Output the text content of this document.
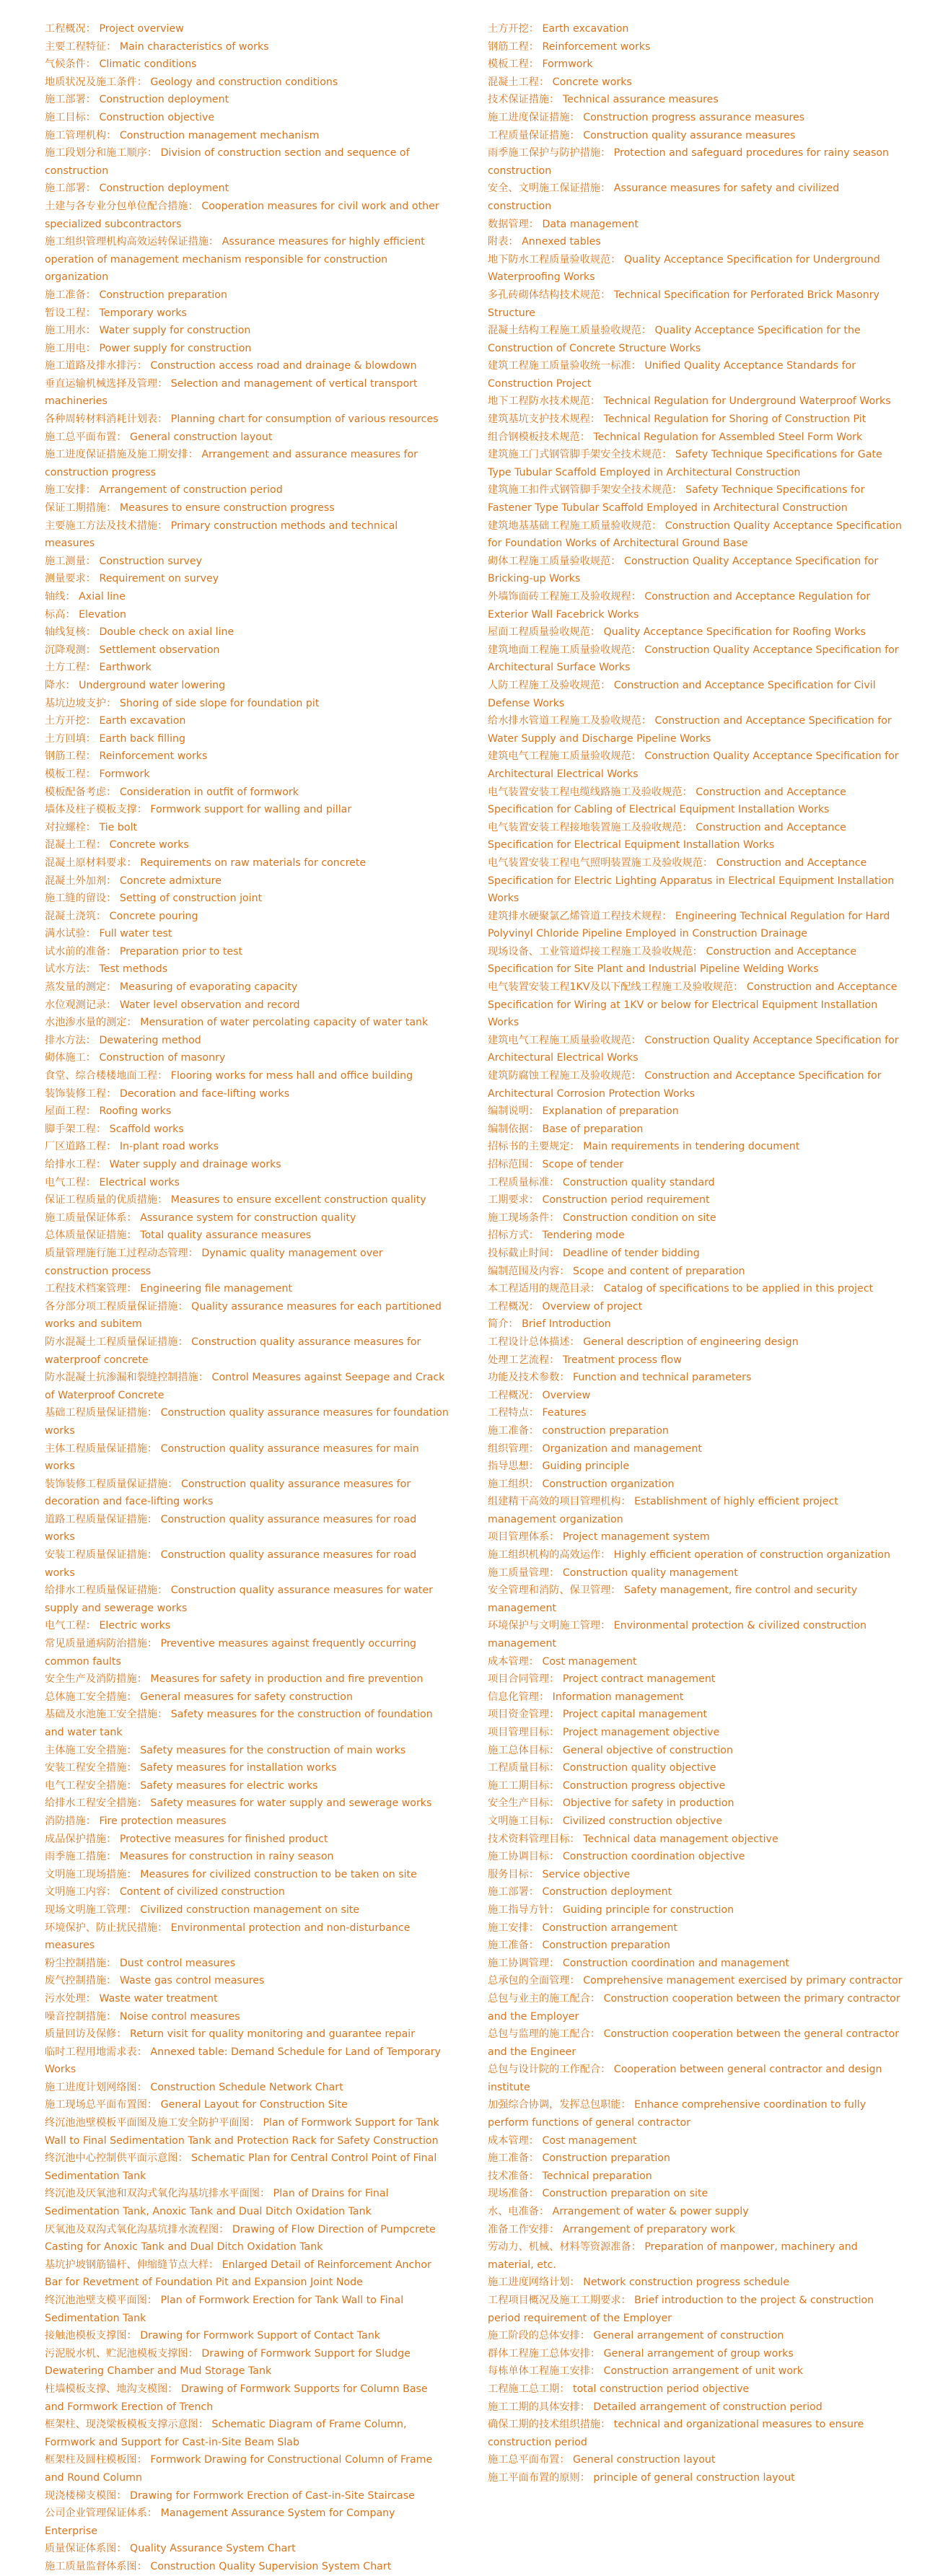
工程概况： Project overview

主要工程特征： Main characteristics of works

气候条件： Climatic conditions

地质状况及施工条件： Geology and construction conditions

施工部署： Construction deployment

施工目标： Construction objective

施工管理机构： Construction management mechanism

施工段划分和施工顺序： Division of construction section and sequence of construction

施工部署： Construction deployment

土建与各专业分包单位配合措施： Cooperation measures for civil work and other specialized subcontractors

施工组织管理机构高效运转保证措施： Assurance measures for highly efficient operation of management mechanism responsible for construction organization

施工准备： Construction preparation

暂设工程： Temporary works

施工用水： Water supply for construction

施工用电： Power supply for construction

施工道路及排水排污： Construction access road and drainage & blowdown

垂直运输机械选择及管理： Selection and management of vertical transport machineries

各种周转材料消耗计划表： Planning chart for consumption of various resources

施工总平面布置： General construction layout

施工进度保证措施及施工期安排： Arrangement and assurance measures for construction progress

施工安排： Arrangement of construction period

保证工期措施： Measures to ensure construction progress

主要施工方法及技术措施： Primary construction methods and technical measures

施工测量： Construction survey

测量要求： Requirement on survey

轴线： Axial line

标高： Elevation

轴线复核： Double check on axial line

沉降观测： Settlement observation

土方工程： Earthwork

降水： Underground water lowering

基坑边坡支护： Shoring of side slope for foundation pit

土方开挖： Earth excavation

土方回填： Earth back filling

钢筋工程： Reinforcement works

模板工程： Formwork

模板配备考虑： Consideration in outfit of formwork

墙体及柱子模板支撑： Formwork support for walling and pillar

对拉螺栓： Tie bolt

混凝土工程： Concrete works

混凝土原材料要求： Requirements on raw materials for concrete

混凝土外加剂： Concrete admixture

施工缝的留设： Setting of construction joint

混凝土浇筑： Concrete pouring

满水试验： Full water test

试水前的准备： Preparation prior to test

试水方法： Test methods

蒸发量的测定： Measuring of evaporating capacity

水位观测记录： Water level observation and record

水池渗水量的测定： Mensuration of water percolating capacity of water tank

排水方法： Dewatering method

砌体施工： Construction of masonry

食堂、综合楼楼地面工程： Flooring works for mess hall and office building

装饰装修工程： Decoration and face-lifting works

屋面工程： Roofing works

脚手架工程： Scaffold works

厂区道路工程： In-plant road works

给排水工程： Water supply and drainage works

电气工程： Electrical works

保证工程质量的优质措施： Measures to ensure excellent construction quality

施工质量保证体系： Assurance system for construction quality

总体质量保证措施： Total quality assurance measures

质量管理施行施工过程动态管理： Dynamic quality management over construction process

工程技术档案管理： Engineering file management

各分部分项工程质量保证措施： Quality assurance measures for each partitioned works and subitem

防水混凝土工程质量保证措施： Construction quality assurance measures for waterproof concrete

防水混凝土抗渗漏和裂缝控制措施： Control Measures against Seepage and Crack of Waterproof Concrete

基础工程质量保证措施： Construction quality assurance measures for foundation works

主体工程质量保证措施： Construction quality assurance measures for main works

装饰装修工程质量保证措施： Construction quality assurance measures for decoration and face-lifting works

道路工程质量保证措施： Construction quality assurance measures for road works

安装工程质量保证措施： Construction quality assurance measures for road works

给排水工程质量保证措施： Construction quality assurance measures for water supply and sewerage works

电气工程： Electric works

常见质量通病防治措施： Preventive measures against frequently occurring common faults

安全生产及消防措施： Measures for safety in production and fire prevention

总体施工安全措施： General measures for safety construction

基础及水池施工安全措施： Safety measures for the construction of foundation and water tank

主体施工安全措施： Safety measures for the construction of main works

安装工程安全措施： Safety measures for installation works

电气工程安全措施： Safety measures for electric works

给排水工程安全措施： Safety measures for water supply and sewerage works

消防措施： Fire protection measures

成品保护措施： Protective measures for finished product

雨季施工措施： Measures for construction in rainy season

文明施工现场措施： Measures for civilized construction to be taken on site

文明施工内容： Content of civilized construction

现场文明施工管理： Civilized construction management on site

环境保护、防止扰民措施： Environmental protection and non-disturbance measures

粉尘控制措施： Dust control measures

废气控制措施： Waste gas control measures

污水处理： Waste water treatment

噪音控制措施： Noise control measures

质量回访及保修： Return visit for quality monitoring and guarantee repair

临时工程用地需求表： Annexed table: Demand Schedule for Land of Temporary Works

施工进度计划网络图： Construction Schedule Network Chart

施工现场总平面布置图： General Layout for Construction Site

终沉池池壁模板平面图及施工安全防护平面图： Plan of Formwork Support for Tank Wall to Final Sedimentation Tank and Protection Rack for Safety Construction

终沉池中心控制供平面示意图： Schematic Plan for Central Control Point of Final Sedimentation Tank

终沉池及厌氧池和双沟式氧化沟基坑排水平面图： Plan of Drains for Final Sedimentation Tank, Anoxic Tank and Dual Ditch Oxidation Tank

厌氧池及双沟式氧化沟基坑排水流程图： Drawing of Flow Direction of Pumpcrete Casting for Anoxic Tank and Dual Ditch Oxidation Tank

基坑护坡钢筋锚杆、伸缩缝节点大样： Enlarged Detail of Reinforcement Anchor Bar for Revetment of Foundation Pit and Expansion Joint Node

终沉池池壁支模平面图： Plan of Formwork Erection for Tank Wall to Final Sedimentation Tank

接触池模板支撑图： Drawing for Formwork Support of Contact Tank

污泥脱水机、贮泥池模板支撑图： Drawing of Formwork Support for Sludge Dewatering Chamber and Mud Storage Tank

柱墙模板支撑、地沟支模图： Drawing of Formwork Supports for Column Base and Formwork Erection of Trench

框架柱、现浇梁板模板支撑示意图： Schematic Diagram of Frame Column, Formwork and Support for Cast-in-Site Beam Slab

框架柱及圆柱模板图： Formwork Drawing for Constructional Column of Frame and Round Column

现浇楼梯支模图： Drawing for Formwork Erection of Cast-in-Site Staircase

公司企业管理保证体系： Management Assurance System for Company Enterprise

质量保证体系图： Quality Assurance System Chart

施工质量监督体系图： Construction Quality Supervision System Chart

土方开挖： Earth excavation

钢筋工程： Reinforcement works

模板工程： Formwork

混凝土工程： Concrete works

技术保证措施： Technical assurance measures

施工进度保证措施： Construction progress assurance measures

工程质量保证措施： Construction quality assurance measures

雨季施工保护与防护措施： Protection and safeguard procedures for rainy season construction

安全、文明施工保证措施： Assurance measures for safety and civilized construction

数据管理： Data management

附表： Annexed tables

地下防水工程质量验收规范： Quality Acceptance Specification for Underground Waterproofing Works

多孔砖砌体结构技术规范： Technical Specification for Perforated Brick Masonry Structure

混凝土结构工程施工质量验收规范： Quality Acceptance Specification for the Construction of Concrete Structure Works

建筑工程施工质量验收统一标准： Unified Quality Acceptance Standards for Construction Project

地下工程防水技术规范： Technical Regulation for Underground Waterproof Works

建筑基坑支护技术规程： Technical Regulation for Shoring of Construction Pit

组合钢模板技术规范： Technical Regulation for Assembled Steel Form Work

建筑施工门式钢管脚手架安全技术规范： Safety Technique Specifications for Gate Type Tubular Scaffold Employed in Architectural Construction

建筑施工扣件式钢管脚手架安全技术规范： Safety Technique Specifications for Fastener Type Tubular Scaffold Employed in Architectural Construction

建筑地基基础工程施工质量验收规范： Construction Quality Acceptance Specification for Foundation Works of Architectural Ground Base

砌体工程施工质量验收规范： Construction Quality Acceptance Specification for Bricking-up Works

外墙饰面砖工程施工及验收规程： Construction and Acceptance Regulation for Exterior Wall Facebrick Works

屋面工程质量验收规范： Quality Acceptance Specification for Roofing Works

建筑地面工程施工质量验收规范： Construction Quality Acceptance Specification for Architectural Surface Works

人防工程施工及验收规范： Construction and Acceptance Specification for Civil Defense Works

给水排水管道工程施工及验收规范： Construction and Acceptance Specification for Water Supply and Discharge Pipeline Works

建筑电气工程施工质量验收规范： Construction Quality Acceptance Specification for Architectural Electrical Works

电气装置安装工程电缆线路施工及验收规范： Construction and Acceptance Specification for Cabling of Electrical Equipment Installation Works

电气装置安装工程接地装置施工及验收规范： Construction and Acceptance Specification for Electrical Equipment Installation Works

电气装置安装工程电气照明装置施工及验收规范： Construction and Acceptance Specification for Electric Lighting Apparatus in Electrical Equipment Installation Works

建筑排水硬聚氯乙烯管道工程技术规程： Engineering Technical Regulation for Hard Polyvinyl Chloride Pipeline Employed in Construction Drainage

现场设备、工业管道焊接工程施工及验收规范： Construction and Acceptance Specification for Site Plant and Industrial Pipeline Welding Works

电气装置安装工程1KV及以下配线工程施工及验收规范： Construction and Acceptance Specification for Wiring at 1KV or below for Electrical Equipment Installation Works

建筑电气工程施工质量验收规范： Construction Quality Acceptance Specification for Architectural Electrical Works

建筑防腐蚀工程施工及验收规范： Construction and Acceptance Specification for Architectural Corrosion Protection Works

编制说明： Explanation of preparation

编制依据： Base of preparation

招标书的主要规定： Main requirements in tendering document

招标范围： Scope of tender

工程质量标准： Construction quality standard

工期要求： Construction period requirement

施工现场条件： Construction condition on site

招标方式： Tendering mode

投标截止时间： Deadline of tender bidding

编制范围及内容： Scope and content of preparation

本工程适用的规范目录： Catalog of specifications to be applied in this project

工程概况： Overview of project

简介： Brief Introduction

工程设计总体描述： General description of engineering design

处理工艺流程： Treatment process flow

功能及技术参数： Function and technical parameters

工程概况： Overview

工程特点： Features

施工准备： construction preparation

组织管理： Organization and management

指导思想： Guiding principle

施工组织： Construction organization

组建精干高效的项目管理机构： Establishment of highly efficient project management organization

项目管理体系： Project management system

施工组织机构的高效运作： Highly efficient operation of construction organization

施工质量管理： Construction quality management

安全管理和消防、保卫管理： Safety management, fire control and security management

环境保护与文明施工管理： Environmental protection & civilized construction management

成本管理： Cost management

项目合同管理： Project contract management

信息化管理： Information management

项目资金管理： Project capital management

项目管理目标： Project management objective

施工总体目标： General objective of construction

工程质量目标： Construction quality objective

施工工期目标： Construction progress objective

安全生产目标： Objective for safety in production

文明施工目标： Civilized construction objective

技术资料管理目标： Technical data management objective

施工协调目标： Construction coordination objective

服务目标： Service objective

施工部署： Construction deployment

施工指导方针： Guiding principle for construction

施工安排： Construction arrangement

施工准备： Construction preparation

施工协调管理： Construction coordination and management

总承包的全面管理： Comprehensive management exercised by primary contractor

总包与业主的施工配合： Construction cooperation between the primary contractor and the Employer

总包与监理的施工配合： Construction cooperation between the general contractor and the Engineer

总包与设计院的工作配合： Cooperation between general contractor and design institute

加强综合协调，发挥总包职能： Enhance comprehensive coordination to fully perform functions of general contractor

成本管理： Cost management

施工准备： Construction preparation

技术准备： Technical preparation

现场准备： Construction preparation on site

水、电准备： Arrangement of water & power supply

准备工作安排： Arrangement of preparatory work

劳动力、机械、材料等资源准备： Preparation of manpower, machinery and material, etc.

施工进度网络计划： Network construction progress schedule

工程项目概况及施工工期要求： Brief introduction to the project & construction period requirement of the Employer

施工阶段的总体安排： General arrangement of construction

群体工程施工总体安排： General arrangement of group works

每栋单体工程施工安排： Construction arrangement of unit work

工程施工总工期： total construction period objective

施工工期的具体安排： Detailed arrangement of construction period

确保工期的技术组织措施： technical and organizational measures to ensure construction period

施工总平面布置： General construction layout

施工平面布置的原则： principle of general construction layout
